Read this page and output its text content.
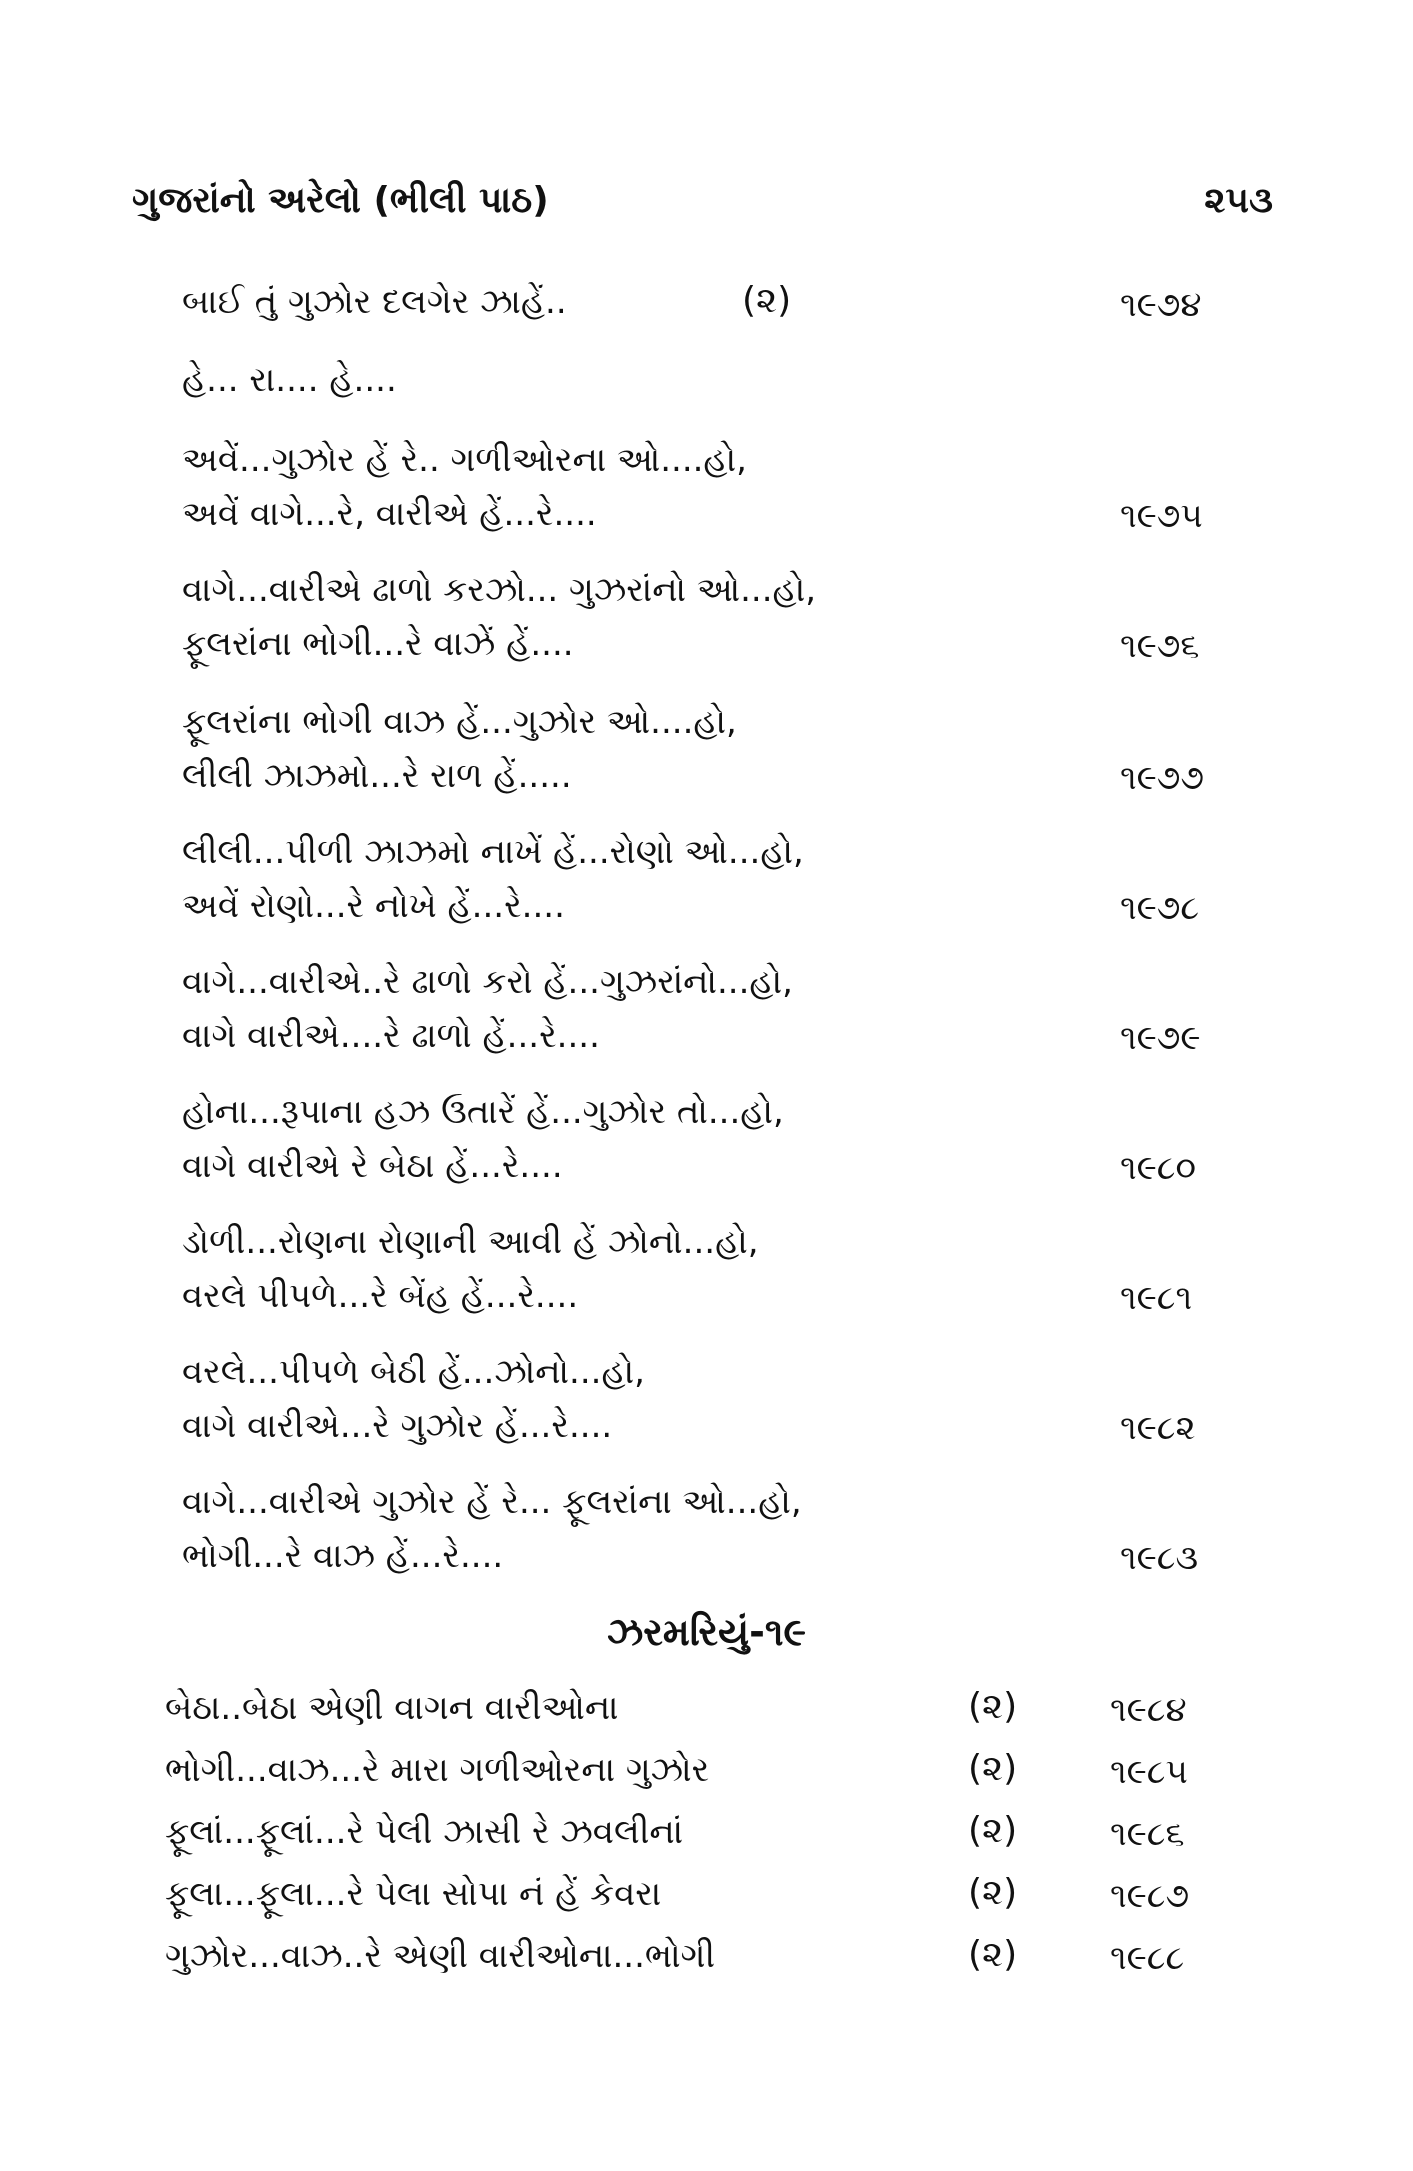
ગુજરાંનો અરેલો (ભીલી પાઠ)	૨૫૩
બાઈ તું ગુઝોર દલગેર ઝાહેં..	(૨)	૧૯૭૪
હે... રા.... હે....
અવેં...ગુઝોર હેં રે.. ગળીઓરના ઓ....હો,
અવેં વાગે...રે, વારીએ હેં...રે....	૧૯૭૫
વાગે...વારીએ ઢાળો કરઝો... ગુઝરાંનો ઓ...હો,
ફૂલરાંના ભોગી...રે વાઝેં હેં....	૧૯૭૬
ફૂલરાંના ભોગી વાઝ હેં...ગુઝોર ઓ....હો,
લીલી ઝાઝમો...રે રાળ હેં.....	૧૯૭૭
લીલી...પીળી ઝાઝમો નાખેં હેં...રોણો ઓ...હો,
અવેં રોણો...રે નોખે હેં...રે....	૧૯૭૮
વાગે...વારીએ..રે ઢાળો કરો હેં...ગુઝરાંનો...હો,
વાગે વારીએ....રે ઢાળો હેં...રે....	૧૯૭૯
હોના...રૂપાના હઝ ઉતારેં હેં...ગુઝોર તો...હો,
વાગે વારીએ રે બેઠા હેં...રે....	૧૯૮૦
ડોળી...રોણના રોણાની આવી હેં ઝોનો...હો,
વરલે પીપળે...રે બેંહ હેં...રે....	૧૯૮૧
વરલે...પીપળે બેઠી હેં...ઝોનો...હો,
વાગે વારીએ...રે ગુઝોર હેં...રે....	૧૯૮૨
વાગે...વારીએ ગુઝોર હેં રે... ફૂલરાંના ઓ...હો,
ભોગી...રે વાઝ હેં...રે....	૧૯૮૩
ઝરમરિયું-૧૯
બેઠા..બેઠા એણી વાગન વારીઓના	(૨)	૧૯૮૪
ભોગી...વાઝ...રે મારા ગળીઓરના ગુઝોર	(૨)	૧૯૮૫
ફૂલાં...ફૂલાં...રે પેલી ઝાસી રે ઝવલીનાં	(૨)	૧૯૮૬
ફૂલા...ફૂલા...રે પેલા સોપા નં હેં કેવરા	(૨)	૧૯૮૭
ગુઝોર...વાઝ..રે એણી વારીઓના...ભોગી	(૨)	૧૯૮૮
